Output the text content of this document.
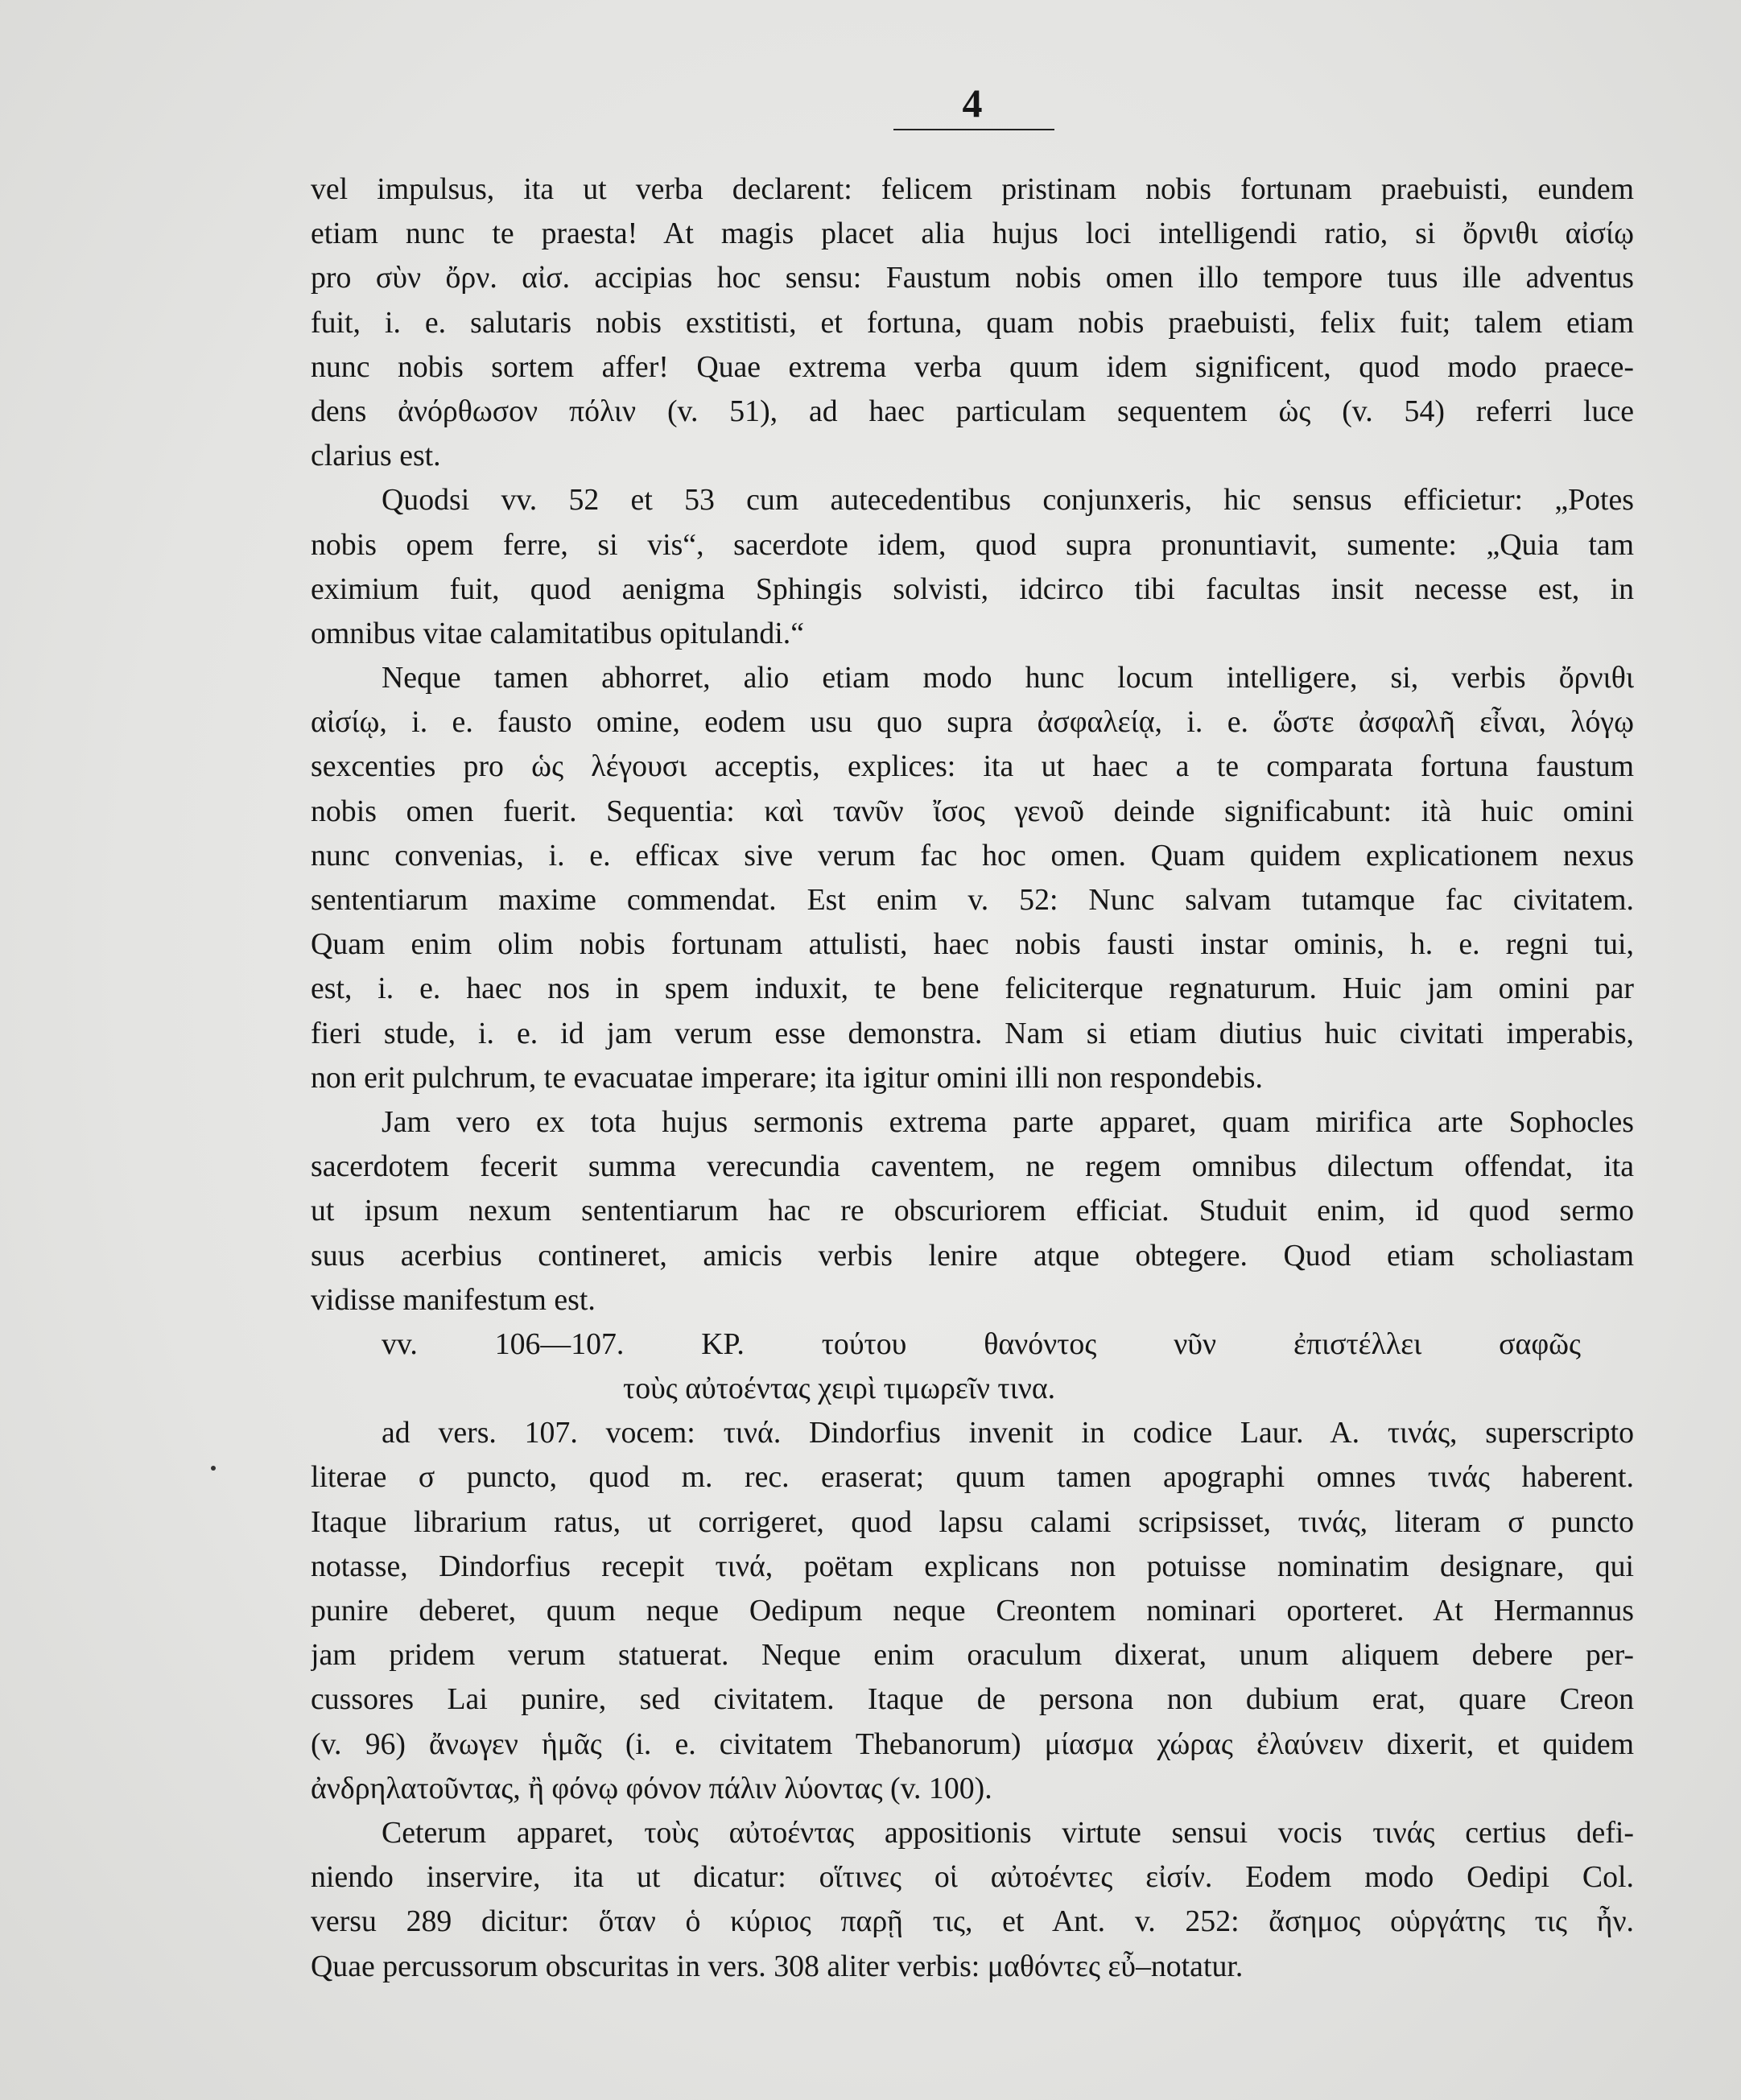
4
vel impulsus, ita ut verba declarent: felicem pristinam nobis fortunam praebuisti, eundem
etiam nunc te praesta! At magis placet alia hujus loci intelligendi ratio, si ὄρνιθι αἰσίῳ
pro σὺν ὄρν. αἰσ. accipias hoc sensu: Faustum nobis omen illo tempore tuus ille adventus
fuit, i. e. salutaris nobis exstitisti, et fortuna, quam nobis praebuisti, felix fuit; talem etiam
nunc nobis sortem affer! Quae extrema verba quum idem significent, quod modo praece-
dens ἀνόρθωσον πόλιν (v. 51), ad haec particulam sequentem ὡς (v. 54) referri luce
clarius est.
Quodsi vv. 52 et 53 cum autecedentibus conjunxeris, hic sensus efficietur: „Potes
nobis opem ferre, si vis“, sacerdote idem, quod supra pronuntiavit, sumente: „Quia tam
eximium fuit, quod aenigma Sphingis solvisti, idcirco tibi facultas insit necesse est, in
omnibus vitae calamitatibus opitulandi.“
Neque tamen abhorret, alio etiam modo hunc locum intelligere, si, verbis ὄρνιθι
αἰσίῳ, i. e. fausto omine, eodem usu quo supra ἀσφαλείᾳ, i. e. ὥστε ἀσφαλῆ εἶναι, λόγῳ
sexcenties pro ὡς λέγουσι acceptis, explices: ita ut haec a te comparata fortuna faustum
nobis omen fuerit. Sequentia: καὶ τανῦν ἴσος γενοῦ deinde significabunt: ità huic omini
nunc convenias, i. e. efficax sive verum fac hoc omen. Quam quidem explicationem nexus
sententiarum maxime commendat. Est enim v. 52: Nunc salvam tutamque fac civitatem.
Quam enim olim nobis fortunam attulisti, haec nobis fausti instar ominis, h. e. regni tui,
est, i. e. haec nos in spem induxit, te bene feliciterque regnaturum. Huic jam omini par
fieri stude, i. e. id jam verum esse demonstra. Nam si etiam diutius huic civitati imperabis,
non erit pulchrum, te evacuatae imperare; ita igitur omini illi non respondebis.
Jam vero ex tota hujus sermonis extrema parte apparet, quam mirifica arte Sophocles
sacerdotem fecerit summa verecundia caventem, ne regem omnibus dilectum offendat, ita
ut ipsum nexum sententiarum hac re obscuriorem efficiat. Studuit enim, id quod sermo
suus acerbius contineret, amicis verbis lenire atque obtegere. Quod etiam scholiastam
vidisse manifestum est.
vv. 106—107. KP. τούτου θανόντος νῦν ἐπιστέλλει σαφῶς
τοὺς αὐτοέντας χειρὶ τιμωρεῖν τινα.
ad vers. 107. vocem: τινά. Dindorfius invenit in codice Laur. A. τινάς, superscripto
literae σ puncto, quod m. rec. eraserat; quum tamen apographi omnes τινάς haberent.
Itaque librarium ratus, ut corrigeret, quod lapsu calami scripsisset, τινάς, literam σ puncto
notasse, Dindorfius recepit τινά, poëtam explicans non potuisse nominatim designare, qui
punire deberet, quum neque Oedipum neque Creontem nominari oporteret. At Hermannus
jam pridem verum statuerat. Neque enim oraculum dixerat, unum aliquem debere per-
cussores Lai punire, sed civitatem. Itaque de persona non dubium erat, quare Creon
(v. 96) ἄνωγεν ἡμᾶς (i. e. civitatem Thebanorum) μίασμα χώρας ἐλαύνειν dixerit, et quidem
ἀνδρηλατοῦντας, ἢ φόνῳ φόνον πάλιν λύοντας (v. 100).
Ceterum apparet, τοὺς αὐτοέντας appositionis virtute sensui vocis τινάς certius defi-
niendo inservire, ita ut dicatur: οἵτινες οἱ αὐτοέντες εἰσίν. Eodem modo Oedipi Col.
versu 289 dicitur: ὅταν ὁ κύριος παρῇ τις, et Ant. v. 252: ἄσημος οὑργάτης τις ἦν.
Quae percussorum obscuritas in vers. 308 aliter verbis: μαθόντες εὖ–notatur.
